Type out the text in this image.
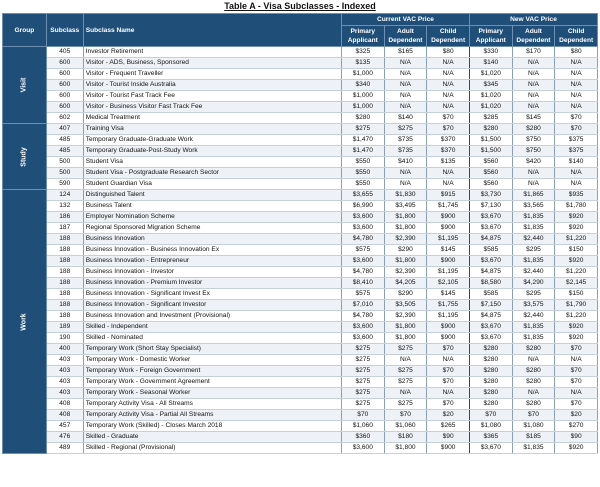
Table A - Visa Subclasses - Indexed
Group	Subclass	Subclass Name	Current VAC Price			New VAC Price		
			Primary Applicant	Adult Dependent	Child Dependent	Primary Applicant	Adult Dependent	Child Dependent
Visit	405	Investor Retirement	$325	$165	$80	$330	$170	$80
	600	Visitor - ADS, Business, Sponsored	$135	N/A	N/A	$140	N/A	N/A
	600	Visitor - Frequent Traveller	$1,000	N/A	N/A	$1,020	N/A	N/A
	600	Visitor - Tourist Inside Australia	$340	N/A	N/A	$345	N/A	N/A
	600	Visitor - Tourist Fast Track Fee	$1,000	N/A	N/A	$1,020	N/A	N/A
	600	Visitor - Business Visitor Fast Track Fee	$1,000	N/A	N/A	$1,020	N/A	N/A
	602	Medical Treatment	$280	$140	$70	$285	$145	$70
Study	407	Training Visa	$275	$275	$70	$280	$280	$70
	485	Temporary Graduate-Graduate Work	$1,470	$735	$370	$1,500	$750	$375
	485	Temporary Graduate-Post-Study Work	$1,470	$735	$370	$1,500	$750	$375
	500	Student Visa	$550	$410	$135	$560	$420	$140
	500	Student Visa - Postgraduate Research Sector	$550	N/A	N/A	$560	N/A	N/A
	590	Student Guardian Visa	$550	N/A	N/A	$560	N/A	N/A
Work	124	Distinguished Talent	$3,655	$1,830	$915	$3,730	$1,865	$935
	132	Business Talent	$6,990	$3,495	$1,745	$7,130	$3,565	$1,780
	186	Employer Nomination Scheme	$3,600	$1,800	$900	$3,670	$1,835	$920
	187	Regional Sponsored Migration Scheme	$3,600	$1,800	$900	$3,670	$1,835	$920
	188	Business Innovation	$4,780	$2,390	$1,195	$4,875	$2,440	$1,220
	188	Business Innovation - Business Innovation Ex	$575	$290	$145	$585	$295	$150
	188	Business Innovation - Entrepreneur	$3,600	$1,800	$900	$3,670	$1,835	$920
	188	Business Innovation - Investor	$4,780	$2,390	$1,195	$4,875	$2,440	$1,220
	188	Business Innovation - Premium Investor	$8,410	$4,205	$2,105	$8,580	$4,290	$2,145
	188	Business Innovation - Significant Invest Ex	$575	$290	$145	$585	$295	$150
	188	Business Innovation - Significant Investor	$7,010	$3,505	$1,755	$7,150	$3,575	$1,790
	188	Business Innovation and Investment (Provisional)	$4,780	$2,390	$1,195	$4,875	$2,440	$1,220
	189	Skilled - Independent	$3,600	$1,800	$900	$3,670	$1,835	$920
	190	Skilled - Nominated	$3,600	$1,800	$900	$3,670	$1,835	$920
	400	Temporary Work (Short Stay Specialist)	$275	$275	$70	$280	$280	$70
	403	Temporary Work - Domestic Worker	$275	N/A	N/A	$280	N/A	N/A
	403	Temporary Work - Foreign Government	$275	$275	$70	$280	$280	$70
	403	Temporary Work - Government Agreement	$275	$275	$70	$280	$280	$70
	403	Temporary Work - Seasonal Worker	$275	N/A	N/A	$280	N/A	N/A
	408	Temporary Activity Visa - All Streams	$275	$275	$70	$280	$280	$70
	408	Temporary Activity Visa - Partial All Streams	$70	$70	$20	$70	$70	$20
	457	Temporary Work (Skilled) - Closes March 2018	$1,060	$1,060	$265	$1,080	$1,080	$270
	476	Skilled - Graduate	$360	$180	$90	$365	$185	$90
	489	Skilled - Regional (Provisional)	$3,600	$1,800	$900	$3,670	$1,835	$920
